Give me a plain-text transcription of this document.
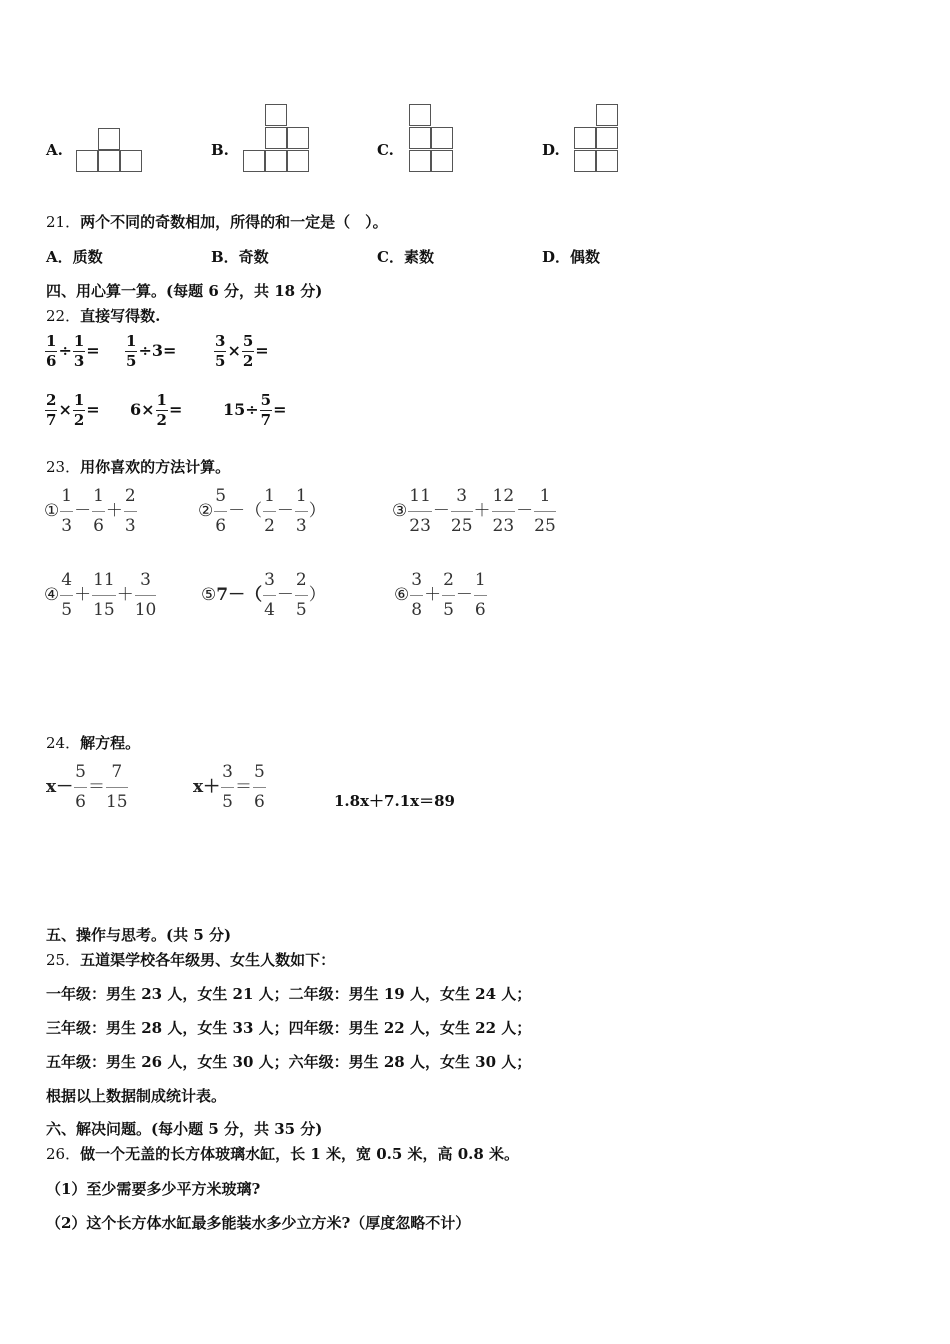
A.	B.	C.	D.
21．两个不同的奇数相加，所得的和一定是（　）。
A．质数	B．奇数	C．素数	D．偶数
四、用心算一算。(每题 6 分，共 18 分)
22．直接写得数.
$\frac{1}{6} \div \frac{1}{3} = \frac{1}{5} \div 3=$	$\frac{3}{5} \times \frac{5}{2}$ =
$\frac{2}{7} \times \frac{1}{2} = 6\times \frac{1}{2}$ =	$15\div \frac{5}{7}$ =
23．用你喜欢的方法计算。
① $\frac{1}{3} - \frac{1}{6} + \frac{2}{3}$	② $\frac{5}{6}$ －（ $\frac{1}{2} - \frac{1}{3}$ ）	③ $\frac{11}{23} - \frac{3}{25} + \frac{12}{23} - \frac{1}{25}$
④ $\frac{4}{5} + \frac{11}{15} + \frac{3}{10}$	⑤7－（ $\frac{3}{4} - \frac{2}{5}$ ）	⑥ $\frac{3}{8} + \frac{2}{5} - \frac{1}{6}$
24．解方程。
$x- \frac{5}{6} = \frac{7}{15}$	$x+ \frac{3}{5} = \frac{5}{6}$	1.8x＋7.1x＝89
五、操作与思考。(共 5 分)
25．五道渠学校各年级男、女生人数如下：
一年级：男生 23 人，女生 21 人；二年级：男生 19 人，女生 24 人；
三年级：男生 28 人，女生 33 人；四年级：男生 22 人，女生 22 人；
五年级：男生 26 人，女生 30 人；六年级：男生 28 人，女生 30 人；
根据以上数据制成统计表。
六、解决问题。(每小题 5 分，共 35 分)
26．做一个无盖的长方体玻璃水缸，长 1 米，宽 0.5 米，高 0.8 米。
（1）至少需要多少平方米玻璃?
（2）这个长方体水缸最多能装水多少立方米?（厚度忽略不计）
